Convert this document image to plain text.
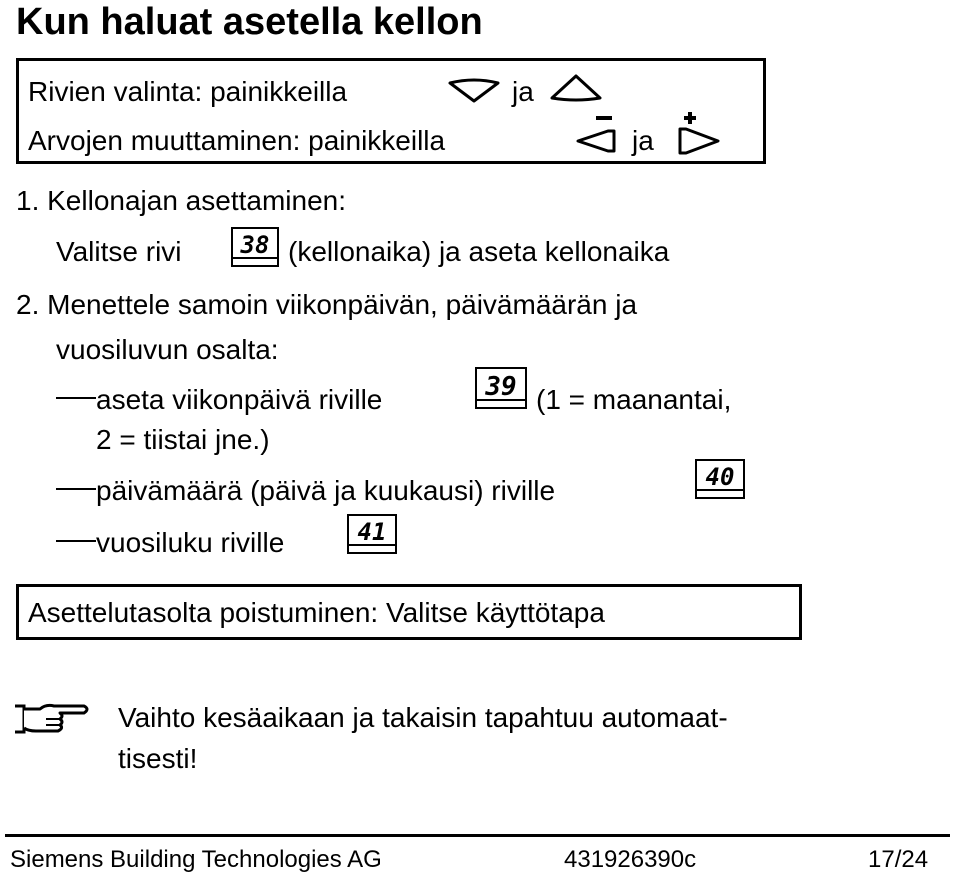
Kun haluat asetella kellon
Rivien valinta: painikkeilla	ja
Arvojen muuttaminen: painikkeilla	ja
1. Kellonajan asettaminen:
Valitse rivi 38 (kellonaika) ja aseta kellonaika
2. Menettele samoin viikonpäivän, päivämäärän ja
vuosiluvun osalta:
aseta viikonpäivä riville	39 (1 = maanantai,
2 = tiistai jne.)
päivämäärä (päivä ja kuukausi) riville	40
vuosiluku riville	41
Asettelutasolta poistuminen: Valitse käyttötapa
Vaihto kesäaikaan ja takaisin tapahtuu automaat-
tisesti!
Siemens Building Technologies AG	431926390c	17/24
